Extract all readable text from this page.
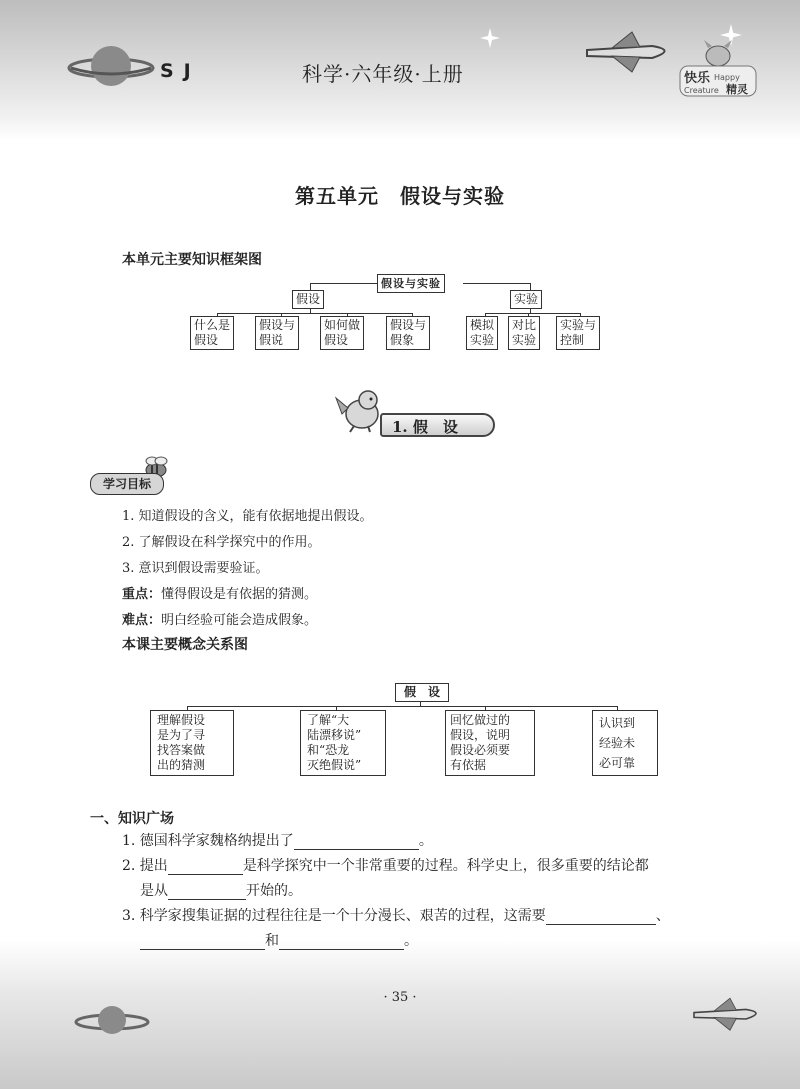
快乐 Happy
Creature 精灵
SJ	科学·六年级·上册
第五单元　假设与实验
本单元主要知识框架图
假设与实验
假设	实验
什么是
假设
假设与
假说
如何做
假设
假设与
假象
模拟
实验
对比
实验
实验与
控制
1. 假　设
学习目标
1. 知道假设的含义，能有依据地提出假设。
2. 了解假设在科学探究中的作用。
3. 意识到假设需要验证。
重点：懂得假设是有依据的猜测。
难点：明白经验可能会造成假象。
本课主要概念关系图
假　设
理解假设
是为了寻
找答案做
出的猜测
了解“大
陆漂移说”
和“恐龙
灭绝假说”
回忆做过的
假设，说明
假设必须要
有依据
认识到
经验未
必可靠
一、知识广场
1. 德国科学家魏格纳提出了	。
2. 提出	是科学探究中一个非常重要的过程。科学史上，很多重要的结论都
是从	开始的。
3. 科学家搜集证据的过程往往是一个十分漫长、艰苦的过程，这需要	、
和	。
· 35 ·
